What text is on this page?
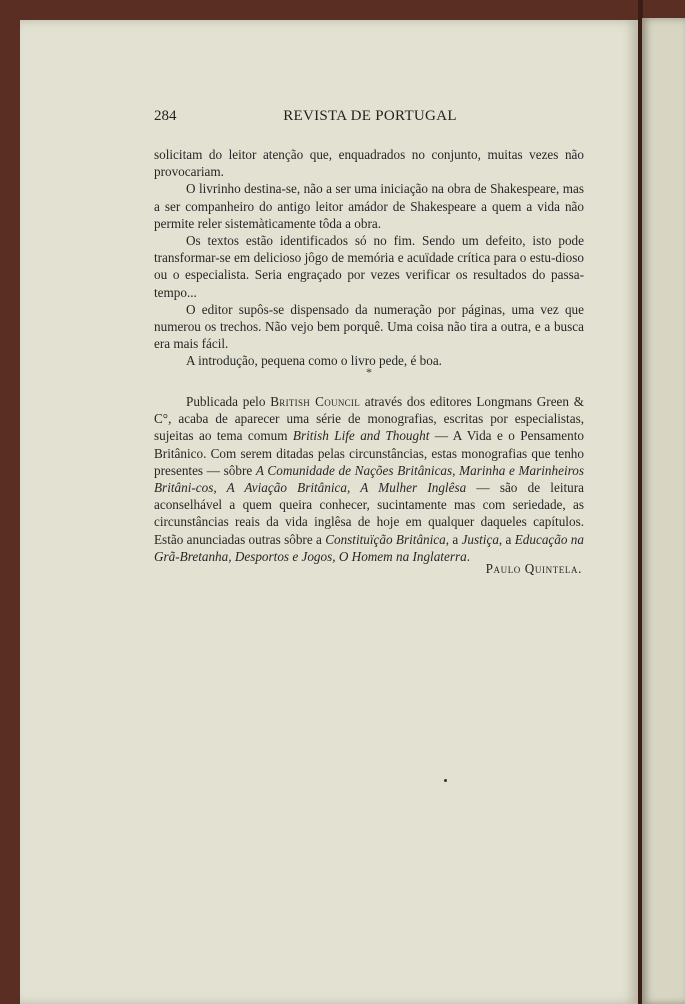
284	REVISTA DE PORTUGAL

solicitam do leitor atenção que, enquadrados no conjunto, muitas vezes não provocariam.

O livrinho destina-se, não a ser uma iniciação na obra de Shakespeare, mas a ser companheiro do antigo leitor amádor de Shakespeare a quem a vida não permite reler sistemàticamente tôda a obra.

Os textos estão identificados só no fim. Sendo um defeito, isto pode transformar-se em delicioso jôgo de memória e acuïdade crítica para o estu-dioso ou o especialista. Seria engraçado por vezes verificar os resultados do passa-tempo...

O editor supôs-se dispensado da numeração por páginas, uma vez que numerou os trechos. Não vejo bem porquê. Uma coisa não tira a outra, e a busca era mais fácil.

A introdução, pequena como o livro pede, é boa.

*

Publicada pelo British Council através dos editores Longmans Green & C°, acaba de aparecer uma série de monografias, escritas por especialistas, sujeitas ao tema comum British Life and Thought — A Vida e o Pensamento Britânico. Com serem ditadas pelas circunstâncias, estas monografias que tenho presentes — sôbre A Comunidade de Nações Britânicas, Marinha e Marinheiros Britâni-cos, A Aviação Britânica, A Mulher Inglêsa — são de leitura aconselhável a quem queira conhecer, sucintamente mas com seriedade, as circunstâncias reais da vida inglêsa de hoje em qualquer daqueles capítulos. Estão anunciadas outras sôbre a Constituïção Britânica, a Justiça, a Educação na Grã-Bretanha, Desportos e Jogos, O Homem na Inglaterra.

Paulo Quintela.
